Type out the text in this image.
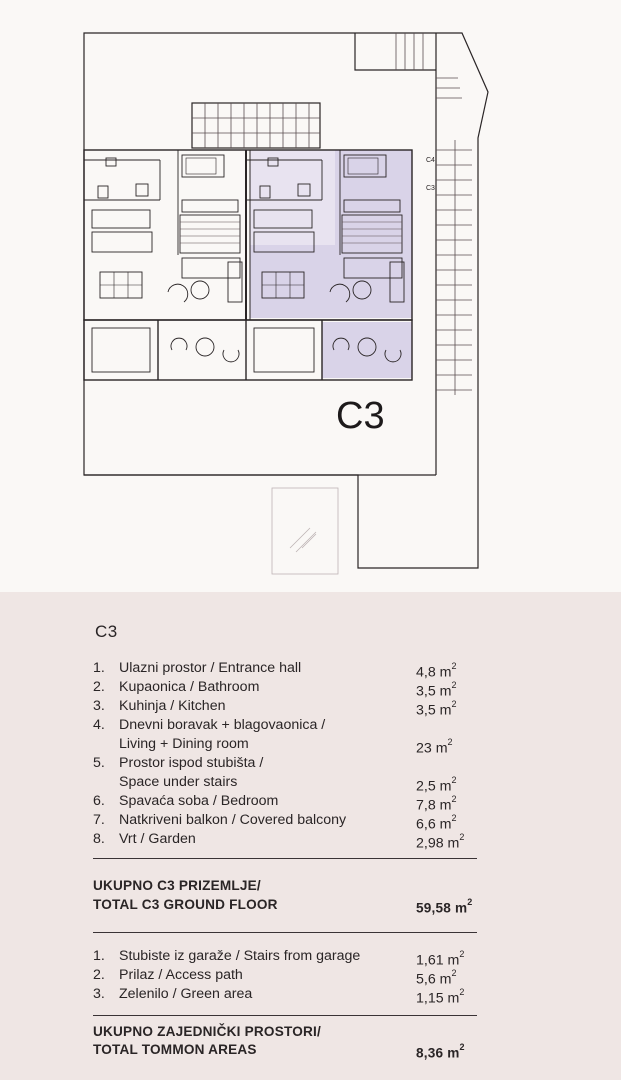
C4
C3
C3
C3
1. Ulazni prostor / Entrance hall	4,8 $m^2$
2. Kupaonica / Bathroom	3,5 $m^2$
3. Kuhinja / Kitchen	3,5 $m^2$
4. Dnevni boravak + blagovaonica /
Living + Dining room	23 $m^2$
5. Prostor ispod stubišta /
Space under stairs	2,5 $m^2$
6. Spavaća soba / Bedroom	7,8 $m^2$
7. Natkriveni balkon / Covered balcony	6,6 $m^2$
8. Vrt / Garden	2,98 $m^2$
UKUPNO C3 PRIZEMLJE/
TOTAL C3 GROUND FLOOR	59,58 $m^2$
1. Stubiste iz garaže / Stairs from garage	1,61 $m^2$
2. Prilaz / Access path	5,6 $m^2$
3. Zelenilo / Green area	1,15 $m^2$
UKUPNO ZAJEDNIČKI PROSTORI/
TOTAL TOMMON AREAS	8,36 $m^2$
